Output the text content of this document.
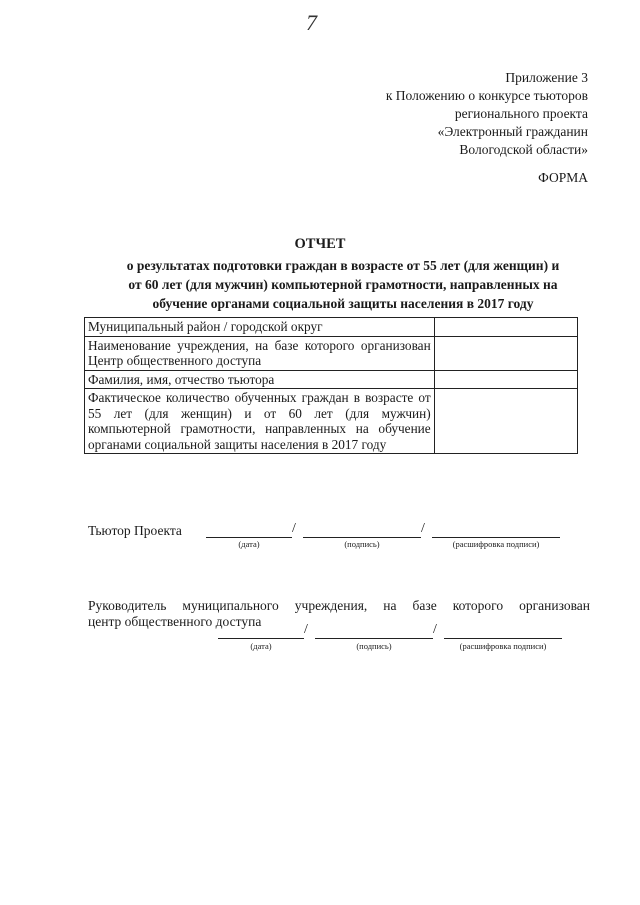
7
Приложение 3
к Положению о конкурсе тьюторов
регионального проекта
«Электронный гражданин
Вологодской области»
ФОРМА
ОТЧЕТ
о результатах подготовки граждан в возрасте от 55 лет (для женщин) и
от 60 лет (для мужчин) компьютерной грамотности, направленных на
обучение органами социальной защиты населения в 2017 году
Муниципальный район / городской округ	
Наименование учреждения, на базе которого организован Центр общественного доступа	
Фамилия, имя, отчество тьютора	
Фактическое количество обученных граждан в возрасте от 55 лет (для женщин) и от 60 лет (для мужчин) компьютерной грамотности, направленных на обучение органами социальной защиты населения в 2017 году	
Тьютор Проекта	/	/
(дата)	(подпись)	(расшифровка подписи)
Руководитель муниципального учреждения, на базе которого организован
центр общественного доступа
/	/
(дата)	(подпись)	(расшифровка подписи)
